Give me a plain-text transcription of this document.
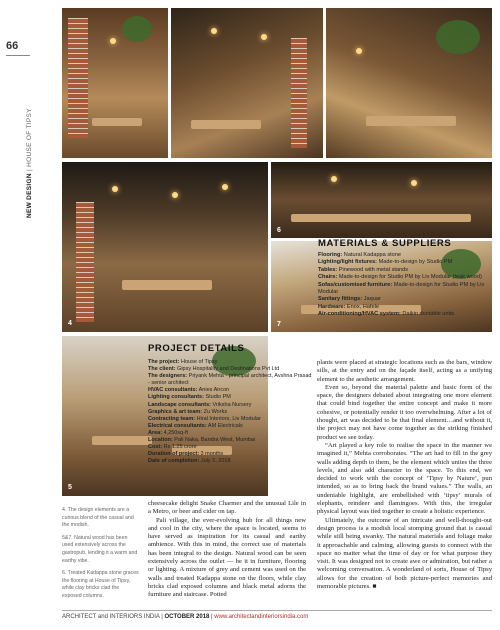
66
NEW DESIGN | HOUSE OF TIPSY
4
5
6
7
MATERIALS & SUPPLIERS
Flooring: Natural Kadappa stone
Lighting/light fixtures: Made-to-design by Studio PM
Tables: Pinewood with metal stands
Chairs: Made-to-design for Studio PM by Liv Modular (teak wood)
Sofas/customised furniture: Made-to-design for Studio PM by Liv Modular
Sanitary fittings: Jaquar
Hardware: Enox, Hafele
Air-conditioning/HVAC system: Daikin ductable units
PROJECT DETAILS
The project: House of Tipsy
The client: Gipsy Hospitality and Destinations Pvt Ltd
The designers: Priyank Mehta - principal architect, Avshna Prasad - senior architect
HVAC consultants: Anies Aircon
Lighting consultants: Studio PM
Landscape consultants: Vriksha Nursery
Graphics & art team: Zu Works
Contracting team: Hiral Interiors, Liv Modular
Electrical consultants: AM Electricals
Area: 4,250sq-ft
Location: Pali Naka, Bandra West, Mumbai
Cost: Rs 1.25 crore
Duration of project: 3 months
Date of completion: July 2, 2018
4. The design elements are a curious blend of the casual and the modish.
5&7. Natural wood has been used extensively across the gastropub, lending it a warm and earthy vibe.
6. Treated Kadappa stone graces the flooring at House of Tipsy, while clay bricks clad the exposed columns.

cheesecake delight Snake Charmer and the unusual Lile in a Metro, or beer and cider on tap.

Pali village, the ever-evolving hub for all things new and cool in the city, where the space is located, seems to have served as inspiration for its casual and earthy ambience. With this in mind, the correct use of materials has been integral to the design. Natural wood can be seen extensively across the outlet — be it in furniture, flooring or lighting. A mixture of grey and cement was used on the walls and treated Kadappa stone on the floors, while clay bricks clad exposed columns and black metal adorns the furniture and staircase. Potted

plants were placed at strategic locations such as the bars, window sills, at the entry and on the façade itself, acting as a unifying element to the aesthetic arrangement.

Even so, beyond the material palette and basic form of the space, the designers debated about integrating one more element that could bind together the entire concept and make it more cohesive, or potentially render it too overwhelming. After a lot of thought, art was decided to be that final element…and without it, the project may not have come together as the striking finished product we see today.

“Art played a key role to realise the space in the manner we imagined it,” Mehta corroborates. “The art had to fill in the grey walls adding depth to them, be the element which unites the three levels, and also add character to the space. To this end, we decided to work with the concept of ‘Tipsy by Nature’, pun intended, so as to bring back the brand values.” The walls, an undeniable highlight, are embellished with ‘tipsy’ murals of elephants, reindeer and flamingoes. With this, the irregular physical layout was tied together to create a holistic experience.

Ultimately, the outcome of an intricate and well-thought-out design process is a modish local stomping ground that is casual while still being swanky. The natural materials and foliage make it approachable and calming, allowing guests to connect with the space no matter what the time of day or for what purpose they visit. It was designed not to create awe or admiration, but rather a welcoming conversation. A wonderland of sorts, House of Tipsy allows for the creation of both picture-perfect memories and memorable pictures. ■

ARCHITECT and INTERIORS INDIA | OCTOBER 2018 | www.architectandinteriorsindia.com
